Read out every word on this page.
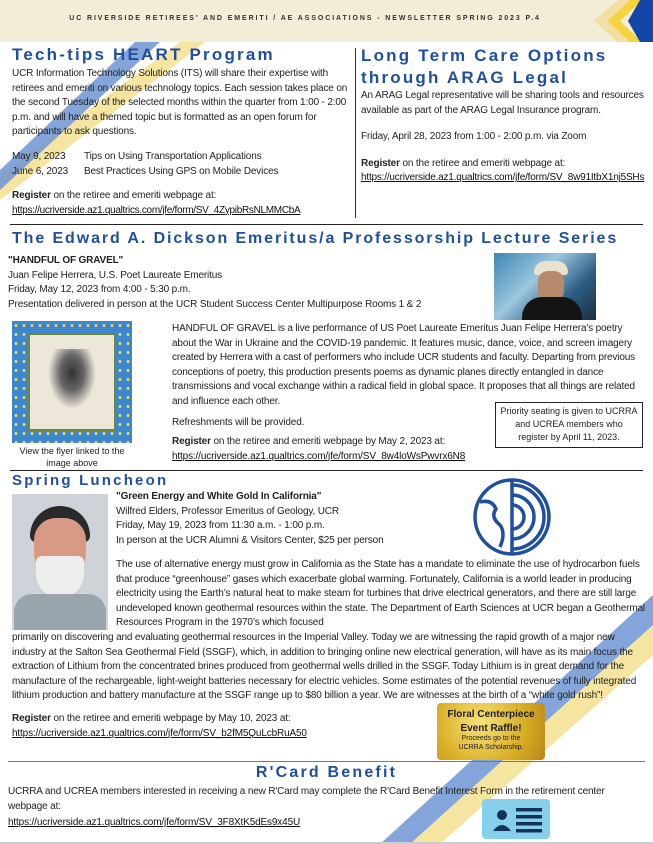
UC RIVERSIDE RETIREES' AND EMERITI / AE ASSOCIATIONS - NEWSLETTER SPRING 2023 P.4
Tech-tips HEART Program

UCR Information Technology Solutions (ITS) will share their expertise with retirees and emeriti on various technology topics. Each session takes place on the second Tuesday of the selected months within the quarter from 1:00 - 2:00 p.m. and will have a themed topic but is formatted as an open forum for participants to ask questions.

May 9, 2023 Tips on Using Transportation Applications
June 6, 2023 Best Practices Using GPS on Mobile Devices

Register on the retiree and emeriti webpage at:

https://ucriverside.az1.qualtrics.com/jfe/form/SV_4ZypibRsNLMMCbA
Long Term Care Options
through ARAG Legal

An ARAG Legal representative will be sharing tools and resources available as part of the ARAG Legal Insurance program.

Friday, April 28, 2023 from 1:00 - 2:00 p.m. via Zoom

Register on the retiree and emeriti webpage at:

https://ucriverside.az1.qualtrics.com/jfe/form/SV_8w91ItbX1nj5SHs
The Edward A. Dickson Emeritus/a Professorship Lecture Series

"HANDFUL OF GRAVEL"

Juan Felipe Herrera, U.S. Poet Laureate Emeritus

Friday, May 12, 2023 from 4:00 - 5:30 p.m.

Presentation delivered in person at the UCR Student Success Center Multipurpose Rooms 1 & 2

View the flyer linked to the image above

HANDFUL OF GRAVEL is a live performance of US Poet Laureate Emeritus Juan Felipe Herrera's poetry about the War in Ukraine and the COVID-19 pandemic. It features music, dance, voice, and screen imagery created by Herrera with a cast of performers who include UCR students and faculty. Departing from previous conceptions of poetry, this production presents poems as dynamic planes directly entangled in dance transmissions and vocal exchange within a radical field in global space. It proposes that all things are related and influence each other.

Refreshments will be provided.

Register on the retiree and emeriti webpage by May 2, 2023 at:

https://ucriverside.az1.qualtrics.com/jfe/form/SV_8w4loWsPwvrx6N8
Priority seating is given to UCRRA and UCREA members who register by April 11, 2023.
Spring Luncheon

"Green Energy and White Gold In California"

Wilfred Elders, Professor Emeritus of Geology, UCR

Friday, May 19, 2023 from 11:30 a.m. - 1:00 p.m.

In person at the UCR Alumni & Visitors Center, $25 per person

The use of alternative energy must grow in California as the State has a mandate to eliminate the use of hydrocarbon fuels that produce “greenhouse” gases which exacerbate global warming. Fortunately, California is a world leader in producing electricity using the Earth’s natural heat to make steam for turbines that drive electrical generators, and there are still large undeveloped known geothermal resources within the state. The Department of Earth Sciences at UCR began a Geothermal Resources Program in the 1970’s which focused

primarily on discovering and evaluating geothermal resources in the Imperial Valley. Today we are witnessing the rapid growth of a major new industry at the Salton Sea Geothermal Field (SSGF), which, in addition to bringing online new electrical generation, will have as its main focus the extraction of Lithium from the concentrated brines produced from geothermal wells drilled in the SSGF. Today Lithium is in great demand for the manufacture of the rechargeable, light-weight batteries necessary for electric vehicles. Some estimates of the potential revenues of fully integrated lithium production and battery manufacture at the SSGF range up to $80 billion a year. We are witnesses at the birth of a “white gold rush”!

Register on the retiree and emeriti webpage by May 10, 2023 at:

https://ucriverside.az1.qualtrics.com/jfe/form/SV_b2fM5QuLcbRuA50
Floral Centerpiece
Event Raffle!
Proceeds go to the UCRRA Scholarship.
R'Card Benefit

UCRRA and UCREA members interested in receiving a new R'Card may complete the R'Card Benefit Interest Form in the retirement center webpage at:

https://ucriverside.az1.qualtrics.com/jfe/form/SV_3F8XtK5dEs9x45U
